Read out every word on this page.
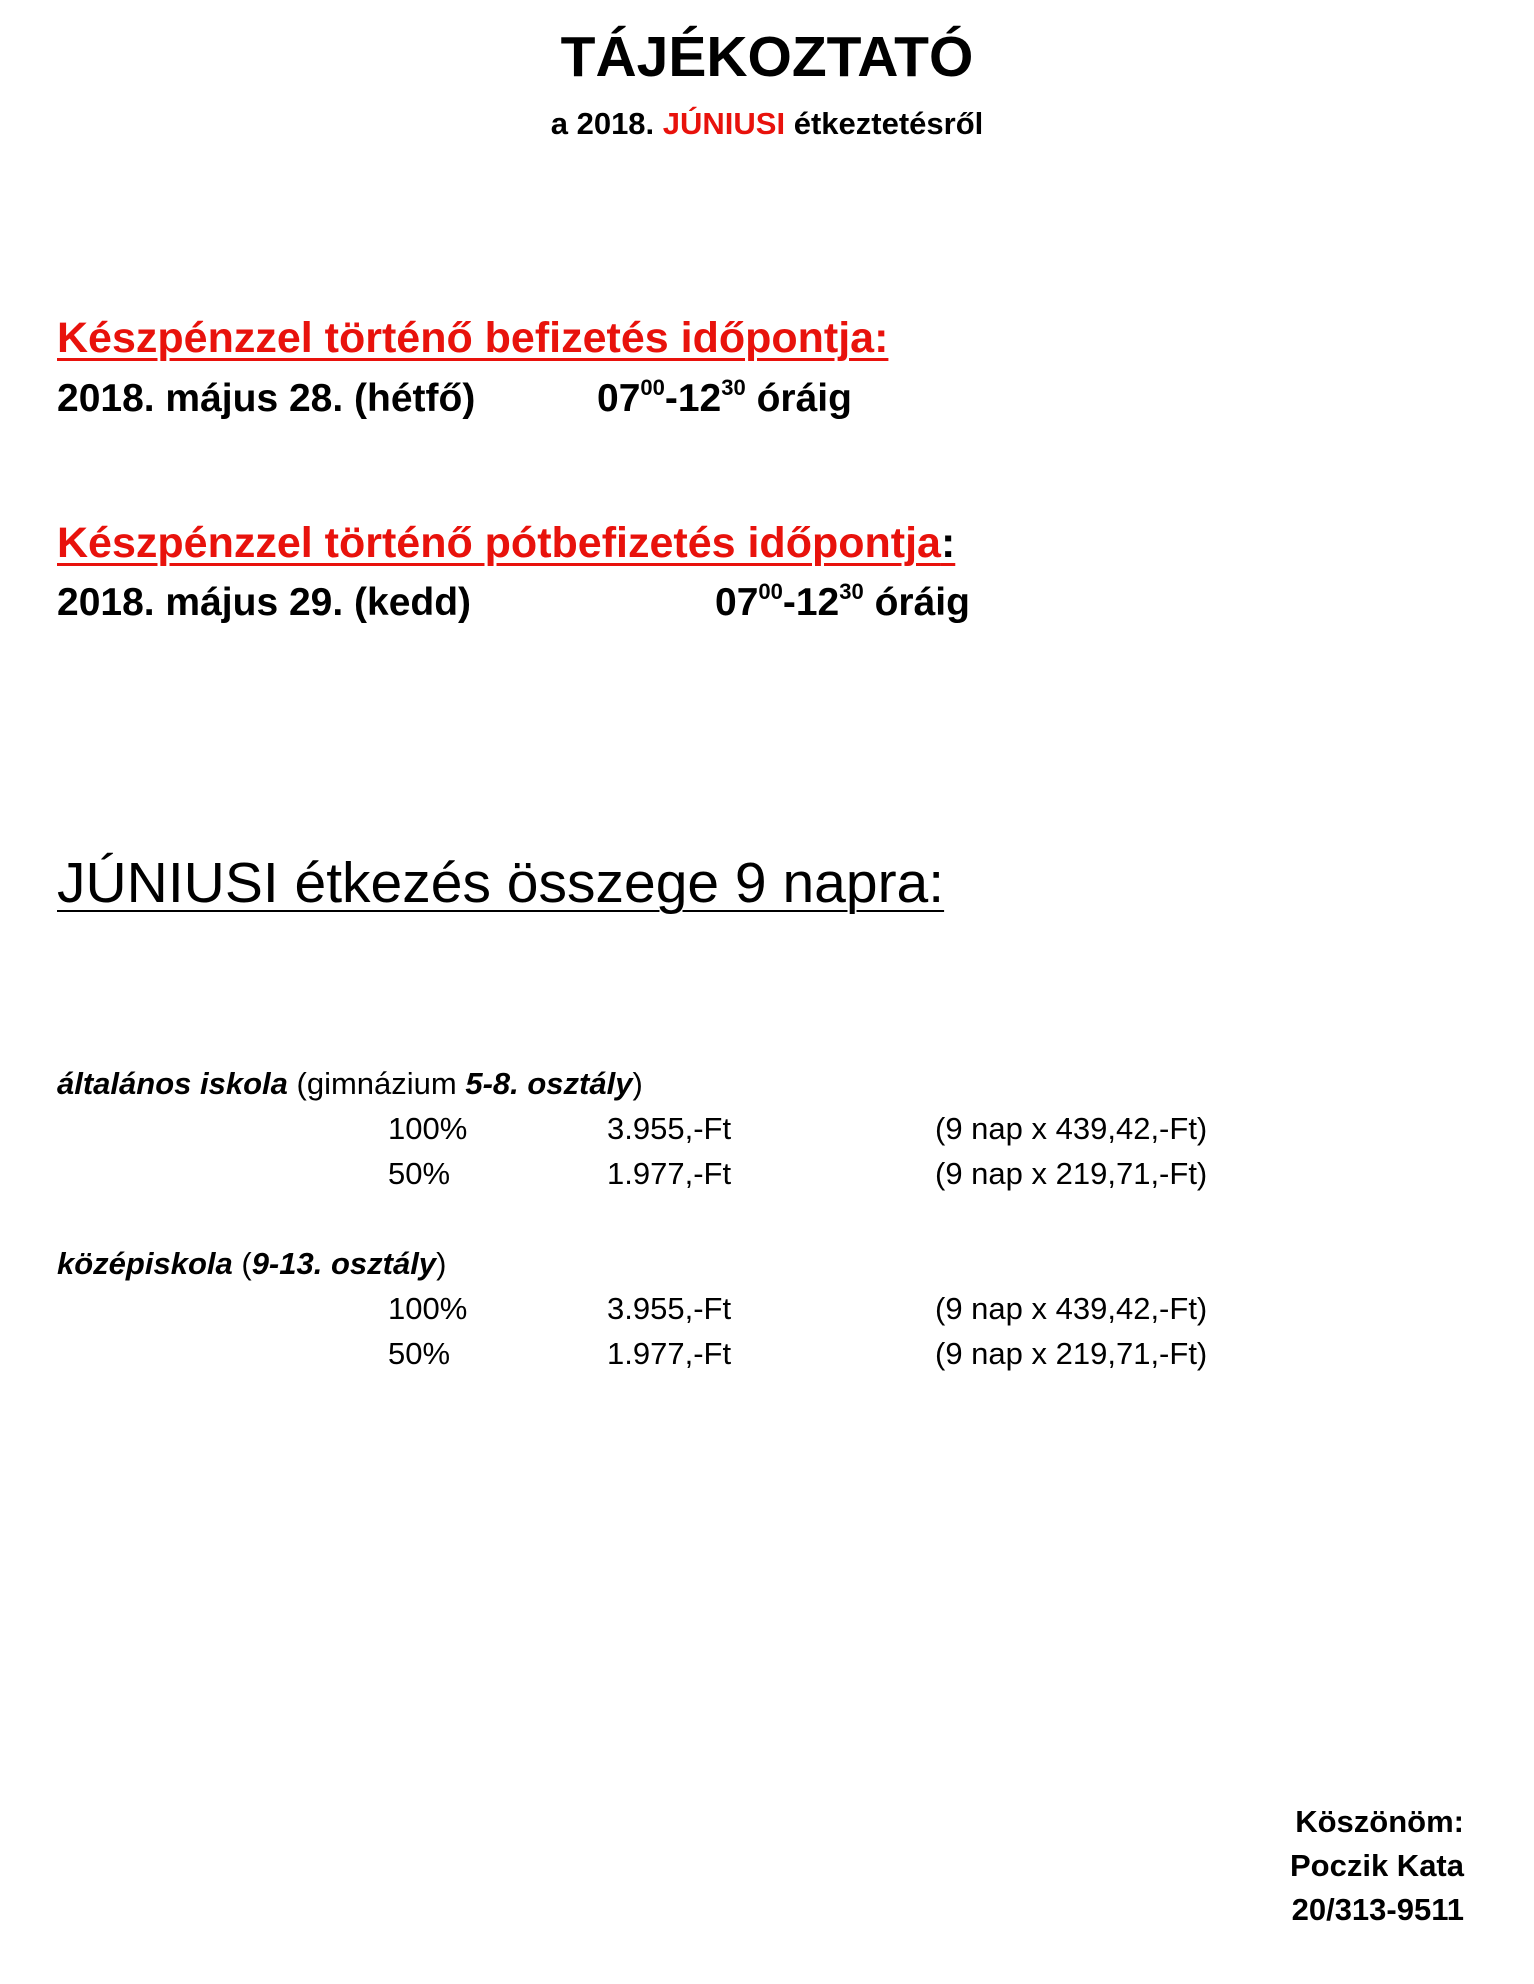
TÁJÉKOZTATÓ
a 2018. JÚNIUSI étkeztetésről
Készpénzzel történő befizetés időpontja:
2018. május 28. (hétfő)	$07^{00}-12^{30}$ óráig
Készpénzzel történő pótbefizetés időpontja:
2018. május 29. (kedd)	$07^{00}-12^{30}$ óráig
JÚNIUSI étkezés összege 9 napra:
általános iskola (gimnázium 5-8. osztály)
100%	3.955,-Ft	(9 nap x 439,42,-Ft)
50%	1.977,-Ft	(9 nap x 219,71,-Ft)
középiskola (9-13. osztály)
100%	3.955,-Ft	(9 nap x 439,42,-Ft)
50%	1.977,-Ft	(9 nap x 219,71,-Ft)
Köszönöm:
Poczik Kata
20/313-9511
